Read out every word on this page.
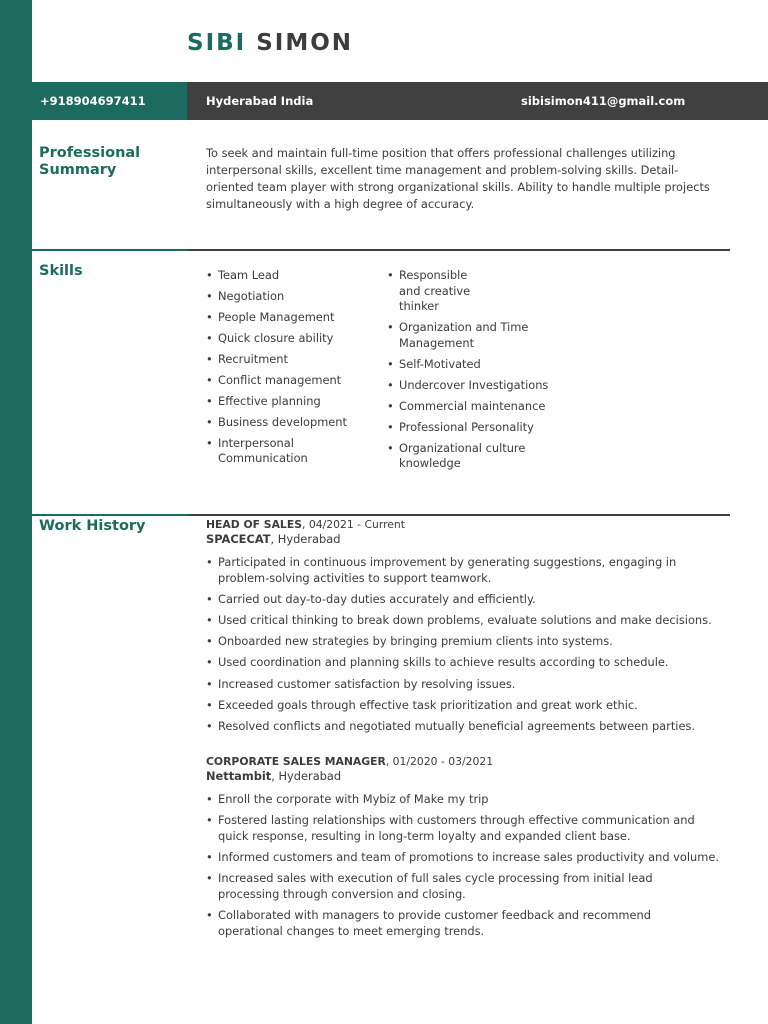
SIBI SIMON
+918904697411	Hyderabad India	sibisimon411@gmail.com
Professional Summary

To seek and maintain full-time position that offers professional challenges utilizing interpersonal skills, excellent time management and problem-solving skills. Detail-oriented team player with strong organizational skills. Ability to handle multiple projects simultaneously with a high degree of accuracy.

Skills
•	Team Lead
• Negotiation
• People Management
• Quick closure ability
• Recruitment
• Conflict management
• Effective planning
• Business development
• Interpersonal Communication
• Responsible and creative thinker
• Organization and Time Management
• Self-Motivated
• Undercover Investigations
• Commercial maintenance
• Professional Personality
• Organizational culture knowledge
Work History	HEAD OF SALES, 04/2021 - Current
SPACECAT, Hyderabad
• Participated in continuous improvement by generating suggestions, engaging in problem-solving activities to support teamwork.
• Carried out day-to-day duties accurately and efficiently.
• Used critical thinking to break down problems, evaluate solutions and make decisions.
• Onboarded new strategies by bringing premium clients into systems.
• Used coordination and planning skills to achieve results according to schedule.
• Increased customer satisfaction by resolving issues.
• Exceeded goals through effective task prioritization and great work ethic.
• Resolved conflicts and negotiated mutually beneficial agreements between parties.
CORPORATE SALES MANAGER, 01/2020 - 03/2021
Nettambit, Hyderabad
• Enroll the corporate with Mybiz of Make my trip
• Fostered lasting relationships with customers through effective communication and quick response, resulting in long-term loyalty and expanded client base.
• Informed customers and team of promotions to increase sales productivity and volume.
• Increased sales with execution of full sales cycle processing from initial lead processing through conversion and closing.
• Collaborated with managers to provide customer feedback and recommend operational changes to meet emerging trends.
